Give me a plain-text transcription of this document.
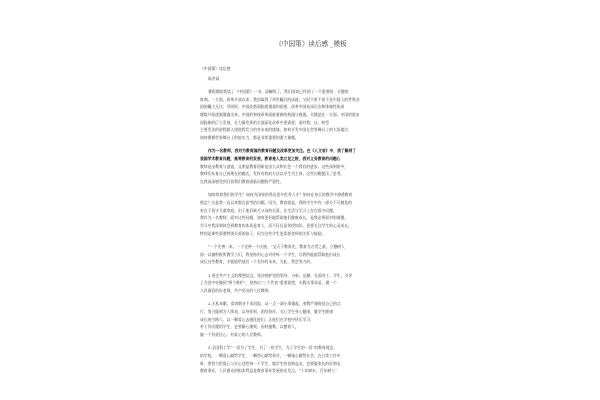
《中国策》读后感 _模板
《中国策》读后感
陈洪雨
暑假期间我读了《中国策》一书。清晰明了，我们国家已经到了一个重要的、关键的
时期。一方面，改革开放以来，我国取得了举世瞩目的成就。又时不时不停不息中国人的世界各
国的瞩大无比；另同时，中国处都面临着挑战和困惑，改革中国家深层次和体制性的深
题都开始逐渐暴露出来。中国的和使改革面临着新的机遇与挑战。关键是在一方面，中国的进步
面临新的巨大发展，在力量发挥的全面深化改革中更需要，面对我，这，转型
主要发达的进程除入途进程发力的对未来的挑战，如何开发中国在世界舞台上的大国地位，
如何赛赛世界舞台上的软实力，都是非常重要的重大课题。
作为一名教师，我对为教育国的教育问题及改革更加关注。在《人文观》中，我了解到了
我国学术教育问题，高等教育的发展，教育是人类立足之根，我对义务教育的问题心
教师是由教育与创造，文明是教育创新是由大众和社会一个我们的进步。这些深刻的中，
教师们从育自己的现在的模式，发挥有机的方法以学生为主体，这些问题提出了思考。
在我深深感受到目前我们教育面临问题的严重性。
如何培育我们的学生？如何为国家培养出更多优秀人才？如何在每天的教学中渗透教育
理念？这是我一直以来都在思考的问题。因为，教育就是，我的学生中有一部分不可避免的
来自于留守儿童家庭，由于他们缺乏父母的关爱，在生活与学习上存在很多问题。
我作为一名教师，面对这些问题，如何更好地帮助他们健康成长，是我必须面对的课题。
学习中我深刻体会到教育的本质是育人，而不仅仅是传授知识，更要关注学生的心灵成长，
特别是那些需要特别关爱的孩子，因为这些学生更需要老师的关怀与鼓励。
“一个完善一本，一个完善一个民族。”文天下教育先，教育为万世之基，立德树人
面一以被积极所教学子们，我坚持用心去对待每一个学生，尽我所能地帮助他们成长
成长这些教育，才能能给他们一个美好的未来，为此，我会努力的。
1.坚定共产主义的理想信念，坚决拥护党的领导，分析、品德、在面对工、学生，引导
上为党中央做到“两个维护”，坚持以“三个代表”重要思想，实践实事求是，做一个
人民满意的好老师，共产党员的人民教师。
2.无私奉献，爱岗敬业不求回报，从一点一滴小事做起，要教严谨规范自己的言
行，努力做到为人师表，以身作则，团结协作，关心学生身心健康，做学生健康
成长的引路人，以一颗爱心去感化他们，让他们在学校中快乐学习，
对于有问题的学生，更要耐心细致，因材施教，以德育人，
做一个有责任心、有爱心的人民教师。
3.全国科工学“一切为了学生，为了一切学生，为了学生的一切”的教育理念，
的学校，一颗爱心献给学生，一颗热心献给事业，一颗诚心献给社会，在日常工作中
时，要努力把爱心与关心送给每一个学生，做学生的良师益友，也要做家长的好朋友，
教育事业，人民群众的根本利益是教育事业发展的出发点。“十年树木，百年树人”
